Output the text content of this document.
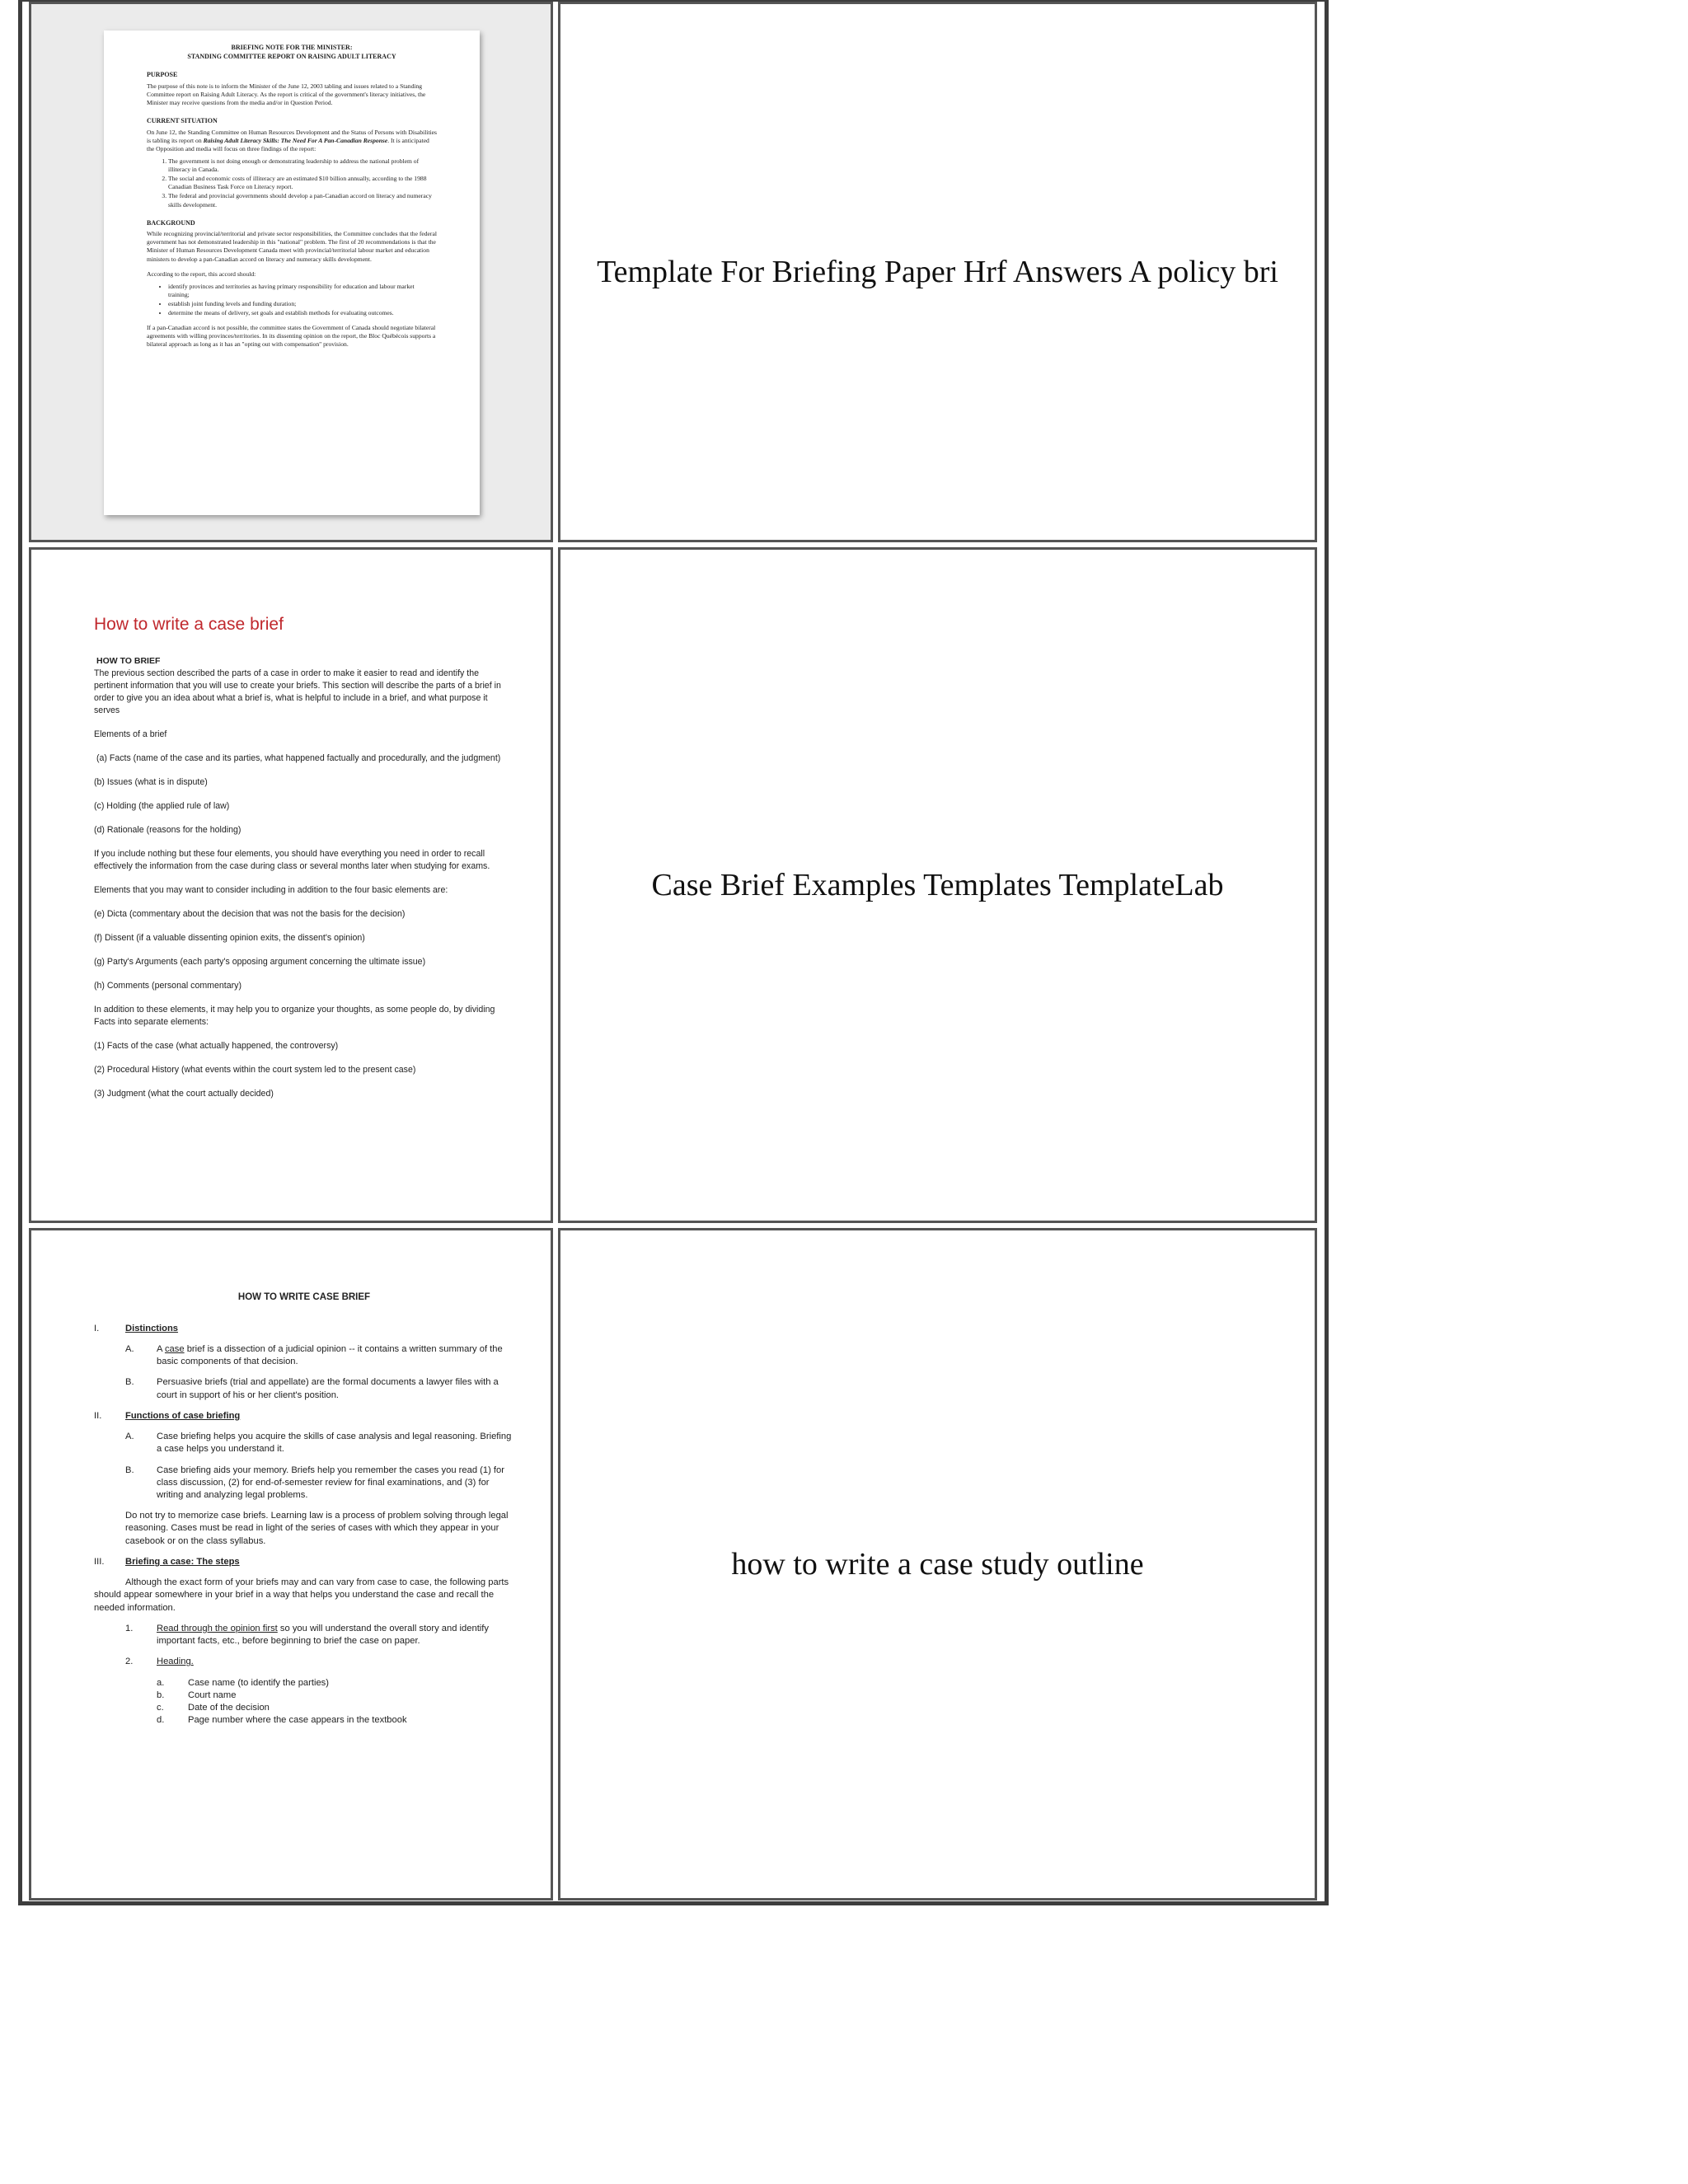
BRIEFING NOTE FOR THE MINISTER:
STANDING COMMITTEE REPORT ON RAISING ADULT LITERACY
PURPOSE

The purpose of this note is to inform the Minister of the June 12, 2003 tabling and issues related to a Standing Committee report on Raising Adult Literacy. As the report is critical of the government's literacy initiatives, the Minister may receive questions from the media and/or in Question Period.

CURRENT SITUATION

On June 12, the Standing Committee on Human Resources Development and the Status of Persons with Disabilities is tabling its report on Raising Adult Literacy Skills: The Need For A Pan-Canadian Response. It is anticipated the Opposition and media will focus on three findings of the report:

1. The government is not doing enough or demonstrating leadership to address the national problem of illiteracy in Canada.
2. The social and economic costs of illiteracy are an estimated $10 billion annually, according to the 1988 Canadian Business Task Force on Literacy report.
3. The federal and provincial governments should develop a pan-Canadian accord on literacy and numeracy skills development.
BACKGROUND

While recognizing provincial/territorial and private sector responsibilities, the Committee concludes that the federal government has not demonstrated leadership in this "national" problem. The first of 20 recommendations is that the Minister of Human Resources Development Canada meet with provincial/territorial labour market and education ministers to develop a pan-Canadian accord on literacy and numeracy skills development.

According to the report, this accord should:

• identify provinces and territories as having primary responsibility for education and labour market training;
• establish joint funding levels and funding duration;
• determine the means of delivery, set goals and establish methods for evaluating outcomes.

If a pan-Canadian accord is not possible, the committee states the Government of Canada should negotiate bilateral agreements with willing provinces/territories. In its dissenting opinion on the report, the Bloc Québécois supports a bilateral approach as long as it has an "opting out with compensation" provision.

Template For Briefing Paper Hrf Answers A policy bri
How to write a case brief
HOW TO BRIEF

The previous section described the parts of a case in order to make it easier to read and identify the pertinent information that you will use to create your briefs. This section will describe the parts of a brief in order to give you an idea about what a brief is, what is helpful to include in a brief, and what purpose it serves

Elements of a brief

(a) Facts (name of the case and its parties, what happened factually and procedurally, and the judgment)

(b) Issues (what is in dispute)

(c) Holding (the applied rule of law)

(d) Rationale (reasons for the holding)

If you include nothing but these four elements, you should have everything you need in order to recall effectively the information from the case during class or several months later when studying for exams.

Elements that you may want to consider including in addition to the four basic elements are:

(e) Dicta (commentary about the decision that was not the basis for the decision)

(f) Dissent (if a valuable dissenting opinion exits, the dissent's opinion)

(g) Party's Arguments (each party's opposing argument concerning the ultimate issue)

(h) Comments (personal commentary)

In addition to these elements, it may help you to organize your thoughts, as some people do, by dividing Facts into separate elements:

(1) Facts of the case (what actually happened, the controversy)

(2) Procedural History (what events within the court system led to the present case)

(3) Judgment (what the court actually decided)

Case Brief Examples Templates TemplateLab
HOW TO WRITE CASE BRIEF
I.	Distinctions
A.	A case brief is a dissection of a judicial opinion -- it contains a written summary of the basic components of that decision.
B.	Persuasive briefs (trial and appellate) are the formal documents a lawyer files with a court in support of his or her client's position.
II.	Functions of case briefing
A.	Case briefing helps you acquire the skills of case analysis and legal reasoning. Briefing a case helps you understand it.
B.	Case briefing aids your memory. Briefs help you remember the cases you read (1) for class discussion, (2) for end-of-semester review for final examinations, and (3) for writing and analyzing legal problems.
Do not try to memorize case briefs. Learning law is a process of problem solving through legal reasoning. Cases must be read in light of the series of cases with which they appear in your casebook or on the class syllabus.
III.	Briefing a case: The steps
Although the exact form of your briefs may and can vary from case to case, the following parts should appear somewhere in your brief in a way that helps you understand the case and recall the needed information.
1.	Read through the opinion first so you will understand the overall story and identify important facts, etc., before beginning to brief the case on paper.
2.	Heading.
a.	Case name (to identify the parties)
b.	Court name
c.	Date of the decision
d.	Page number where the case appears in the textbook
how to write a case study outline
